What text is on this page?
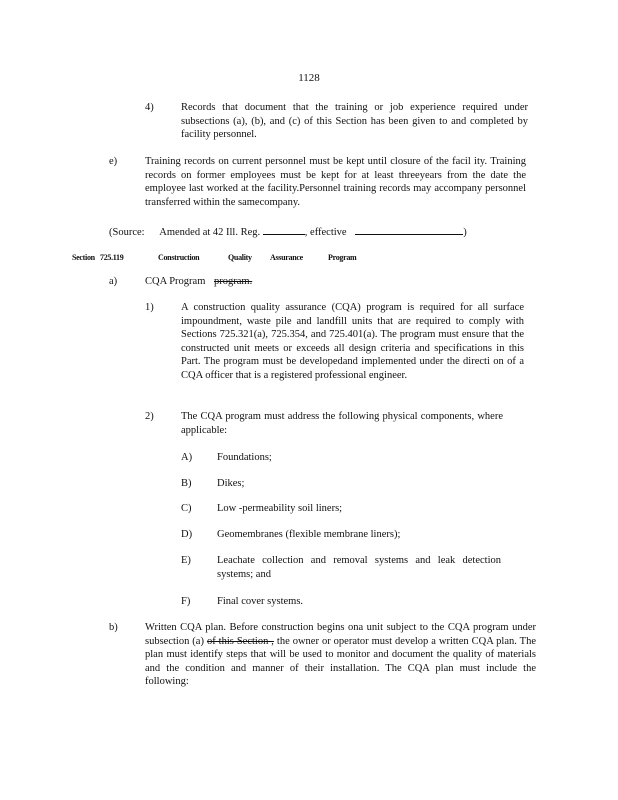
1128
4)	Records that document that the training or job experience required under subsections (a), (b), and (c) of this Section has been given to and completed by facility personnel.
e)	Training records on current personnel must be kept until closure of the facil ity. Training records on former employees must be kept for at least threeyears from the date the employee last worked at the facility.Personnel training records may accompany personnel transferred within the samecompany.
(Source: Amended at 42 Ill. Reg.	, effective	)
Section 725.119	Construction	Quality Assurance	Program
a)	CQA Program program.
1)	A construction quality assurance (CQA) program is required for all surface impoundment, waste pile and landfill units that are required to comply with Sections 725.321(a), 725.354, and 725.401(a). The program must ensure that the constructed unit meets or exceeds all design criteria and specifications in this Part. The program must be developedand implemented under the directi on of a CQA officer that is a registered professional engineer.
2)	The CQA program must address the following physical components, where applicable:
A) Foundations;
B) Dikes;
C) Low -permeability soil liners;
D) Geomembranes (flexible membrane liners);
E) Leachate collection and removal systems and leak detection systems; and
F)	Final cover systems.
b)	Written CQA plan. Before construction begins ona unit subject to the CQA program under subsection (a) of this Section , the owner or operator must develop a written CQA plan. The plan must identify steps that will be used to monitor and document the quality of materials and the condition and manner of their installation. The CQA plan must include the following:
